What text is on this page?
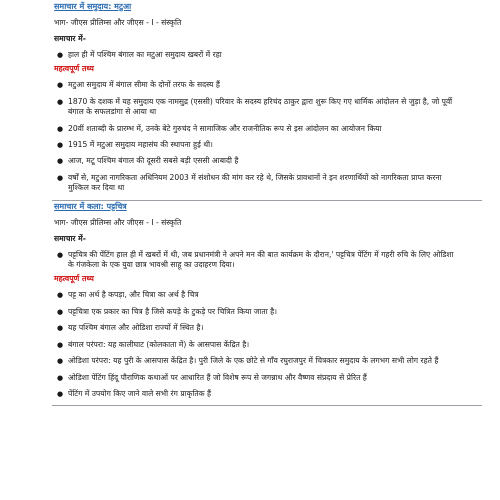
समाचार में समुदाय: मटुआ
भाग- जीएस प्रीलिम्स और जीएस - I - संस्कृति
समाचार में-
● हाल ही में पश्चिम बंगाल का मटुआ समुदाय खबरों में रहा
महत्वपूर्ण तथ्य
● मटुआ समुदाय में बंगाल सीमा के दोनों तरफ के सदस्य हैं
● 1870 के दशक में यह समुदाय एक नामसुद्र (एससी) परिवार के सदस्य हरिचंद ठाकुर द्वारा शुरू किए गए धार्मिक आंदोलन से जुड़ा है, जो पूर्वी बंगाल के सफलडांगा से आया था
● 20वीं शताब्दी के प्रारम्भ में, उनके बेटे गुरुचंद ने सामाजिक और राजनीतिक रूप से इस आंदोलन का आयोजन किया
● 1915 में मटुआ समुदाय महासंघ की स्थापना हुई थी।
● आज, मटू पश्चिम बंगाल की दूसरी सबसे बड़ी एससी आबादी है
● वर्षों से, मटुआ नागरिकता अधिनियम 2003 में संशोधन की मांग कर रहे थे, जिसके प्रावधानों ने इन शरणार्थियों को नागरिकता प्राप्त करना मुश्किल कर दिया था
समाचार में कला: पट्टचित्र
भाग- जीएस प्रीलिम्स और जीएस - I - संस्कृति
समाचार में-
● पट्टचित्र की पेंटिंग हाल ही में खबरों में थी, जब प्रधानमंत्री ने अपने मन की बात कार्यक्रम के दौरान,' पट्टचित्र पेंटिंग में गहरी रुचि के लिए ओडिशा के गंजकेला के एक युवा छात्र भावश्री साहू का उदाहरण दिया।
महत्वपूर्ण तथ्य
● पट्ट का अर्थ है कपड़ा, और चित्रा का अर्थ है चित्र
● पट्टचित्रा एक प्रकार का चित्र है जिसे कपड़े के टुकड़े पर चित्रित किया जाता है।
● यह पश्चिम बंगाल और ओडिशा राज्यों में स्थित है।
● बंगाल परंपरा: यह कालीघाट (कोलकाता में) के आसपास केंद्रित है।
● ओडिशा परंपरा: यह पुरी के आसपास केंद्रित है। पुरी जिले के एक छोटे से गाँव रघुराजपुर में चित्रकार समुदाय के लगभग सभी लोग रहते हैं
● ओडिशा पेंटिंग हिंदू पौराणिक कथाओं पर आधारित हैं जो विशेष रूप से जगन्नाथ और वैष्णव संप्रदाय से प्रेरित हैं
● पेंटिंग में उपयोग किए जाने वाले सभी रंग प्राकृतिक हैं
